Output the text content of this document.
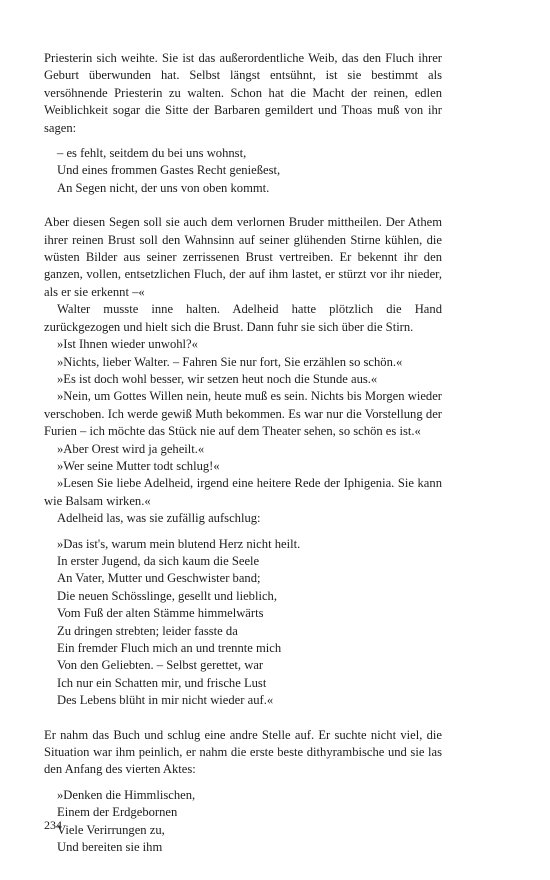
Priesterin sich weihte. Sie ist das außerordentliche Weib, das den Fluch ihrer Geburt überwunden hat. Selbst längst entsühnt, ist sie bestimmt als versöhnende Priesterin zu walten. Schon hat die Macht der reinen, edlen Weiblichkeit sogar die Sitte der Barbaren gemildert und Thoas muß von ihr sagen:

– es fehlt, seitdem du bei uns wohnst,
Und eines frommen Gastes Recht genießest,
An Segen nicht, der uns von oben kommt.

Aber diesen Segen soll sie auch dem verlornen Bruder mittheilen. Der Athem ihrer reinen Brust soll den Wahnsinn auf seiner glühenden Stirne kühlen, die wüsten Bilder aus seiner zerrissenen Brust vertreiben. Er bekennt ihr den ganzen, vollen, entsetzlichen Fluch, der auf ihm lastet, er stürzt vor ihr nieder, als er sie erkennt –«

Walter musste inne halten. Adelheid hatte plötzlich die Hand zurückgezogen und hielt sich die Brust. Dann fuhr sie sich über die Stirn.

»Ist Ihnen wieder unwohl?«

»Nichts, lieber Walter. – Fahren Sie nur fort, Sie erzählen so schön.«

»Es ist doch wohl besser, wir setzen heut noch die Stunde aus.«

»Nein, um Gottes Willen nein, heute muß es sein. Nichts bis Morgen wieder verschoben. Ich werde gewiß Muth bekommen. Es war nur die Vorstellung der Furien – ich möchte das Stück nie auf dem Theater sehen, so schön es ist.«

»Aber Orest wird ja geheilt.«

»Wer seine Mutter todt schlug!«

»Lesen Sie liebe Adelheid, irgend eine heitere Rede der Iphigenia. Sie kann wie Balsam wirken.«

Adelheid las, was sie zufällig aufschlug:

»Das ist's, warum mein blutend Herz nicht heilt.
In erster Jugend, da sich kaum die Seele
An Vater, Mutter und Geschwister band;
Die neuen Schösslinge, gesellt und lieblich,
Vom Fuß der alten Stämme himmelwärts
Zu dringen strebten; leider fasste da
Ein fremder Fluch mich an und trennte mich
Von den Geliebten. – Selbst gerettet, war
Ich nur ein Schatten mir, und frische Lust
Des Lebens blüht in mir nicht wieder auf.«

Er nahm das Buch und schlug eine andre Stelle auf. Er suchte nicht viel, die Situation war ihm peinlich, er nahm die erste beste dithyrambische und sie las den Anfang des vierten Aktes:

»Denken die Himmlischen,
Einem der Erdgebornen
Viele Verirrungen zu,
Und bereiten sie ihm
234
